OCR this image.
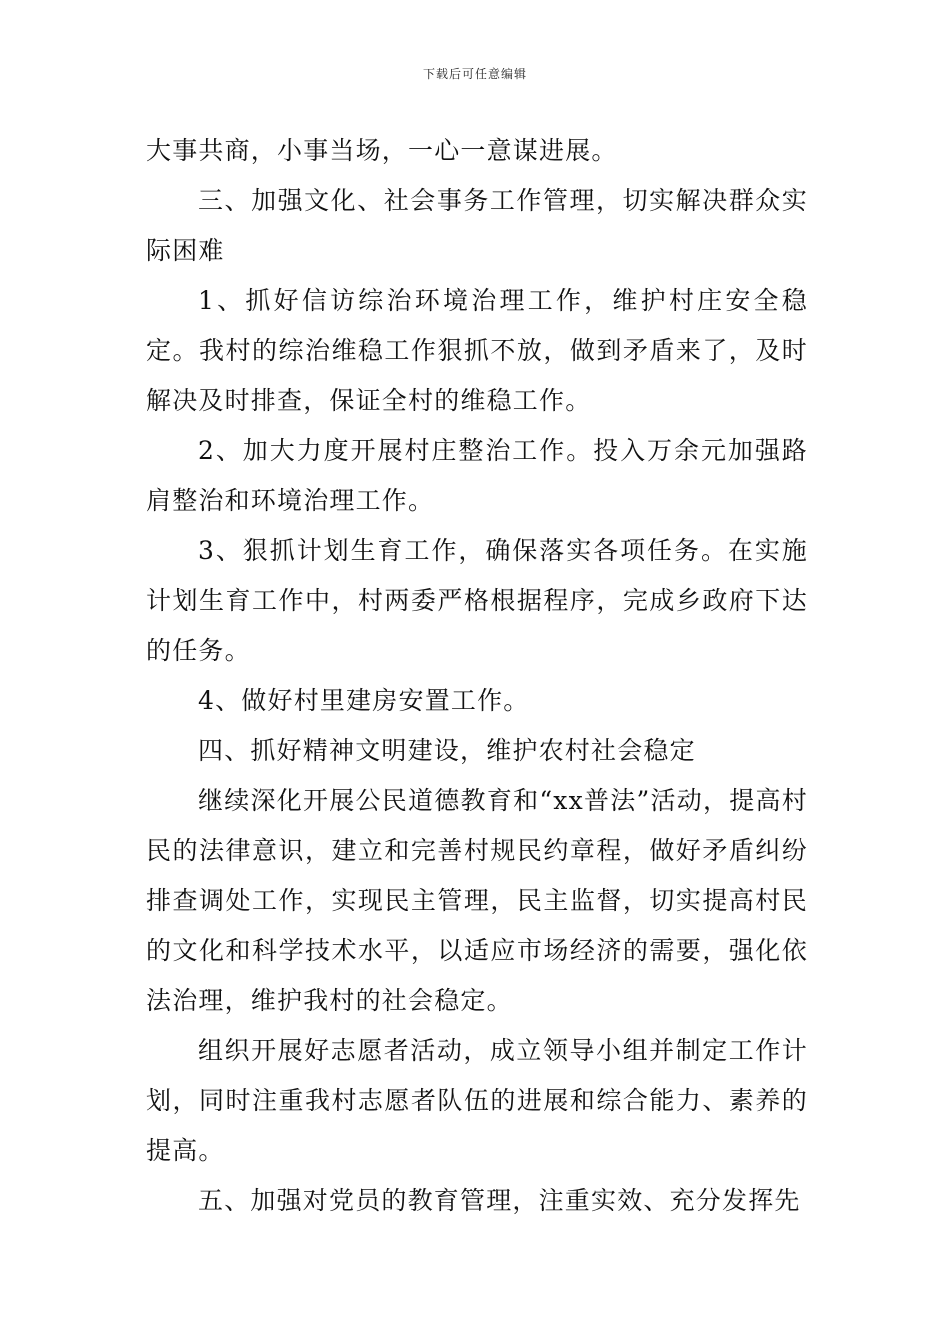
下载后可任意编辑

大事共商，小事当场，一心一意谋进展。

三、加强文化、社会事务工作管理，切实解决群众实际困难

1、抓好信访综治环境治理工作，维护村庄安全稳定。我村的综治维稳工作狠抓不放，做到矛盾来了，及时解决及时排查，保证全村的维稳工作。

2、加大力度开展村庄整治工作。投入万余元加强路肩整治和环境治理工作。

3、狠抓计划生育工作，确保落实各项任务。在实施计划生育工作中，村两委严格根据程序，完成乡政府下达的任务。

4、做好村里建房安置工作。

四、抓好精神文明建设，维护农村社会稳定

继续深化开展公民道德教育和“xx普法”活动，提高村民的法律意识，建立和完善村规民约章程，做好矛盾纠纷排查调处工作，实现民主管理，民主监督，切实提高村民的文化和科学技术水平，以适应市场经济的需要，强化依法治理，维护我村的社会稳定。

组织开展好志愿者活动，成立领导小组并制定工作计划，同时注重我村志愿者队伍的进展和综合能力、素养的提高。

五、加强对党员的教育管理，注重实效、充分发挥先
